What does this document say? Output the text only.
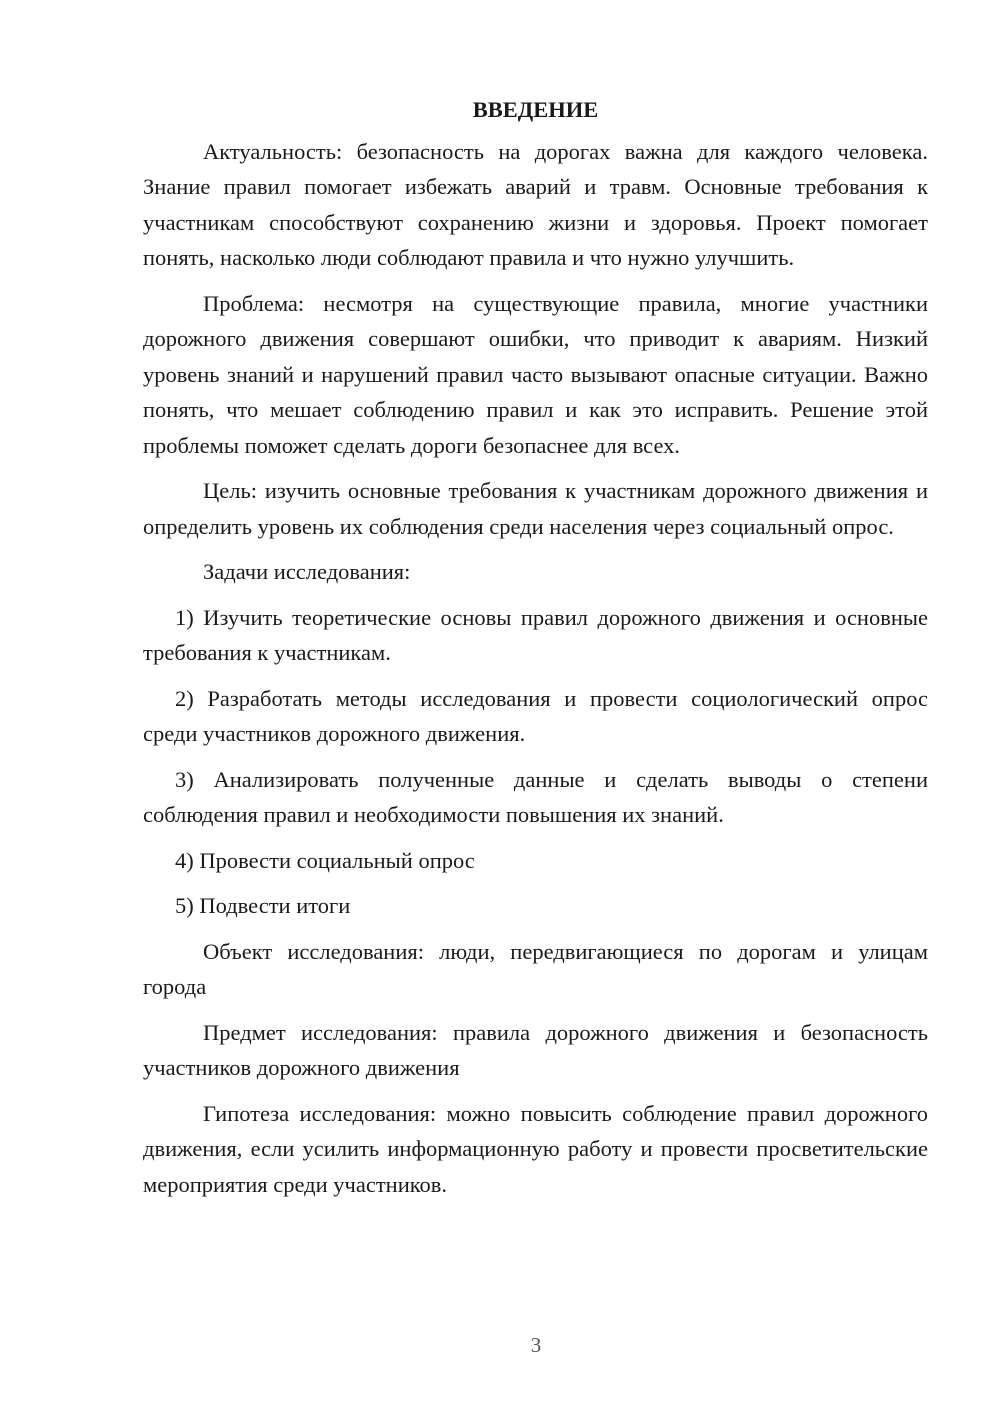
ВВЕДЕНИЕ

Актуальность: безопасность на дорогах важна для каждого человека. Знание правил помогает избежать аварий и травм. Основные требования к участникам способствуют сохранению жизни и здоровья. Проект помогает понять, насколько люди соблюдают правила и что нужно улучшить.

Проблема: несмотря на существующие правила, многие участники дорожного движения совершают ошибки, что приводит к авариям. Низкий уровень знаний и нарушений правил часто вызывают опасные ситуации. Важно понять, что мешает соблюдению правил и как это исправить. Решение этой проблемы поможет сделать дороги безопаснее для всех.

Цель: изучить основные требования к участникам дорожного движения и определить уровень их соблюдения среди населения через социальный опрос.

Задачи исследования:

1) Изучить теоретические основы правил дорожного движения и основные требования к участникам.

2) Разработать методы исследования и провести социологический опрос среди участников дорожного движения.

3) Анализировать полученные данные и сделать выводы о степени соблюдения правил и необходимости повышения их знаний.

4) Провести социальный опрос

5) Подвести итоги

Объект исследования: люди, передвигающиеся по дорогам и улицам города

Предмет исследования: правила дорожного движения и безопасность участников дорожного движения

Гипотеза исследования: можно повысить соблюдение правил дорожного движения, если усилить информационную работу и провести просветительские мероприятия среди участников.

3
